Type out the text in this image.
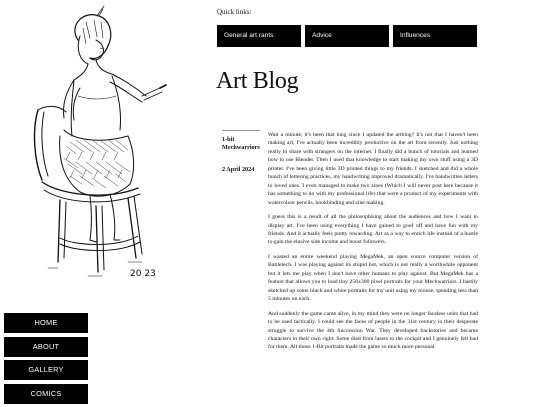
20 23
HOME
ABOUT
GALLERY
COMICS
Quick links:
General art rants	Advice	Influences
Art Blog
1-bit Mechwarriors
2 April 2024

Wait a minute, it's been that long since I updated the artblog? It's not that I haven't been making art, I've actually been incredibly productive on the art front recently. Just nothing really to share with strangers on the internet. I finally did a bunch of tutorials and learned how to use Blender. Then I used that knowledge to start making my own stuff using a 3D printer. I've been giving little 3D printed things to my friends. I sketched and did a whole bunch of lettering practices, my handwriting improved dramatically. I've handwritten letters to loved ones. I even managed to make two zines (Which I will never post here because it has something to do with my professional life) that were a product of my experiments with watercolour pencils, bookbinding and zine making.

I guess this is a result of all the philosophising about the audiences and how I want to display art. I've been using everything I have gained to goof off and have fun with my friends. And it actually feels pretty rewarding. Art as a way to enrich life instead of a hustle to gain the elusive side income and boost followers.

I wasted an entire weekend playing MegaMek, an open source computer version of Battletech. I was playing against its stupid bot, which is not really a worthwhile opponent but it lets me play when I don't have other humans to play against. But MegaMek has a feature that allows you to load tiny 256x300 pixel portraits for your Mechwarriors. I hastily sketched up some black and white portraits for my unit using my mouse, spending less than 5 minutes on each.

And suddenly the game came alive, in my mind they were no longer faceless units that had to be used tactically. I could see the faces of people in the 31st century in their desperate struggle to survive the 4th Succession War. They developed backstories and became characters in their own right. Some died from lasers to the cockpit and I genuinely felt bad for them. All those 1-Bit portraits made the game so much more personal.
